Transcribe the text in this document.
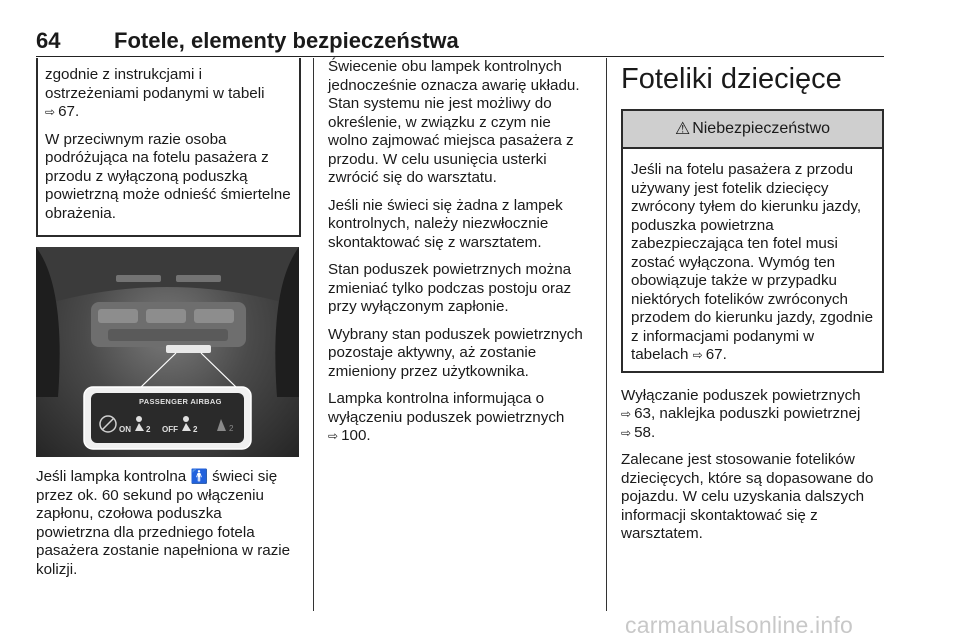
64 Fotele, elementy bezpieczeństwa

zgodnie z instrukcjami i ostrzeżeniami podanymi w tabeli
⇨ 67.

W przeciwnym razie osoba podróżująca na fotelu pasażera z przodu z wyłączoną poduszką powietrzną może odnieść śmiertelne obrażenia.

PASSENGER AIRBAG
ON	OFF
2	2	2

Jeśli lampka kontrolna 🚹 świeci się przez ok. 60 sekund po włączeniu zapłonu, czołowa poduszka powietrzna dla przedniego fotela pasażera zostanie napełniona w razie kolizji.

Świecenie obu lampek kontrolnych jednocześnie oznacza awarię układu. Stan systemu nie jest możliwy do określenie, w związku z czym nie wolno zajmować miejsca pasażera z przodu. W celu usunięcia usterki zwrócić się do warsztatu.

Jeśli nie świeci się żadna z lampek kontrolnych, należy niezwłocznie skontaktować się z warsztatem.

Stan poduszek powietrznych można zmieniać tylko podczas postoju oraz przy wyłączonym zapłonie.

Wybrany stan poduszek powietrznych pozostaje aktywny, aż zostanie zmieniony przez użytkownika.

Lampka kontrolna informująca o wyłączeniu poduszek powietrznych
⇨ 100.

Foteliki dziecięce
⚠ Niebezpieczeństwo

Jeśli na fotelu pasażera z przodu używany jest fotelik dziecięcy zwrócony tyłem do kierunku jazdy, poduszka powietrzna zabezpieczająca ten fotel musi zostać wyłączona. Wymóg ten obowiązuje także w przypadku niektórych fotelików zwróconych przodem do kierunku jazdy, zgodnie z informacjami podanymi w tabelach ⇨ 67.

Wyłączanie poduszek powietrznych
⇨ 63, naklejka poduszki powietrznej
⇨ 58.

Zalecane jest stosowanie fotelików dziecięcych, które są dopasowane do pojazdu. W celu uzyskania dalszych informacji skontaktować się z warsztatem.

carmanualsonline.info
